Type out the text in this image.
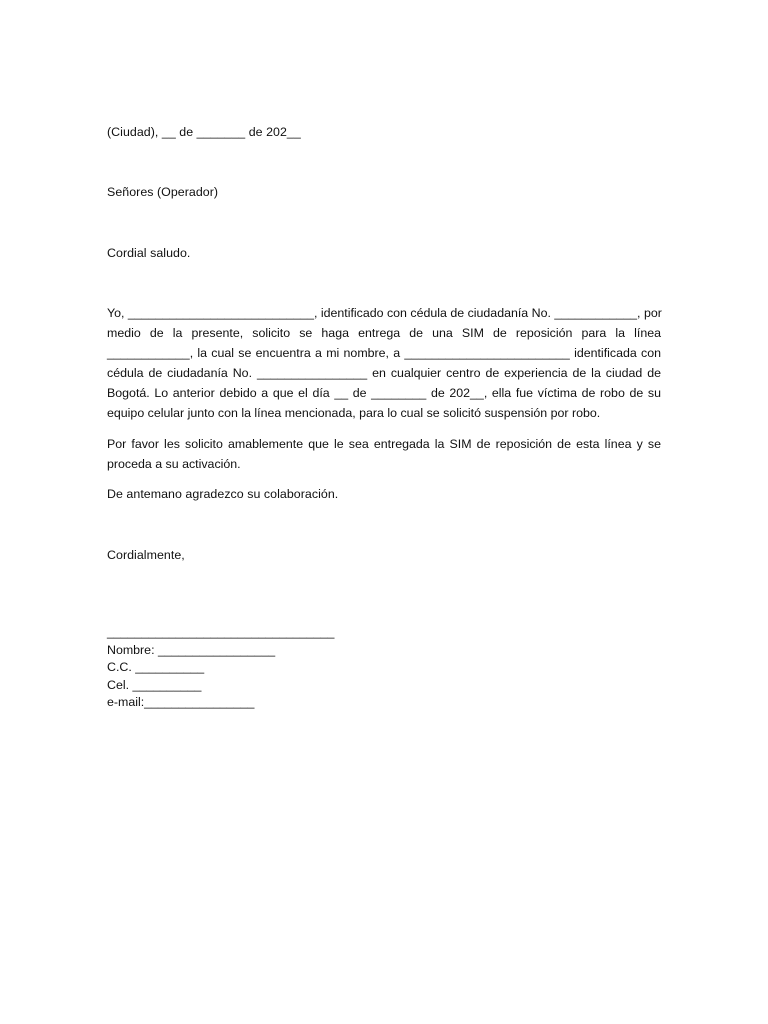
(Ciudad), __ de _______ de 202__
Señores (Operador)
Cordial saludo.
Yo, ___________________________, identificado con cédula de ciudadanía No. ____________, por
medio de la presente, solicito se haga entrega de una SIM de reposición para la línea
____________, la cual se encuentra a mi nombre, a ________________________ identificada con
cédula de ciudadanía No. ________________ en cualquier centro de experiencia de la ciudad de
Bogotá. Lo anterior debido a que el día __ de ________ de 202__, ella fue víctima de robo de su
equipo celular junto con la línea mencionada, para lo cual se solicitó suspensión por robo.
Por favor les solicito amablemente que le sea entregada la SIM de reposición de esta línea y se
proceda a su activación.
De antemano agradezco su colaboración.
Cordialmente,
_________________________________
Nombre: _________________
C.C. __________
Cel. __________
e-mail:________________
